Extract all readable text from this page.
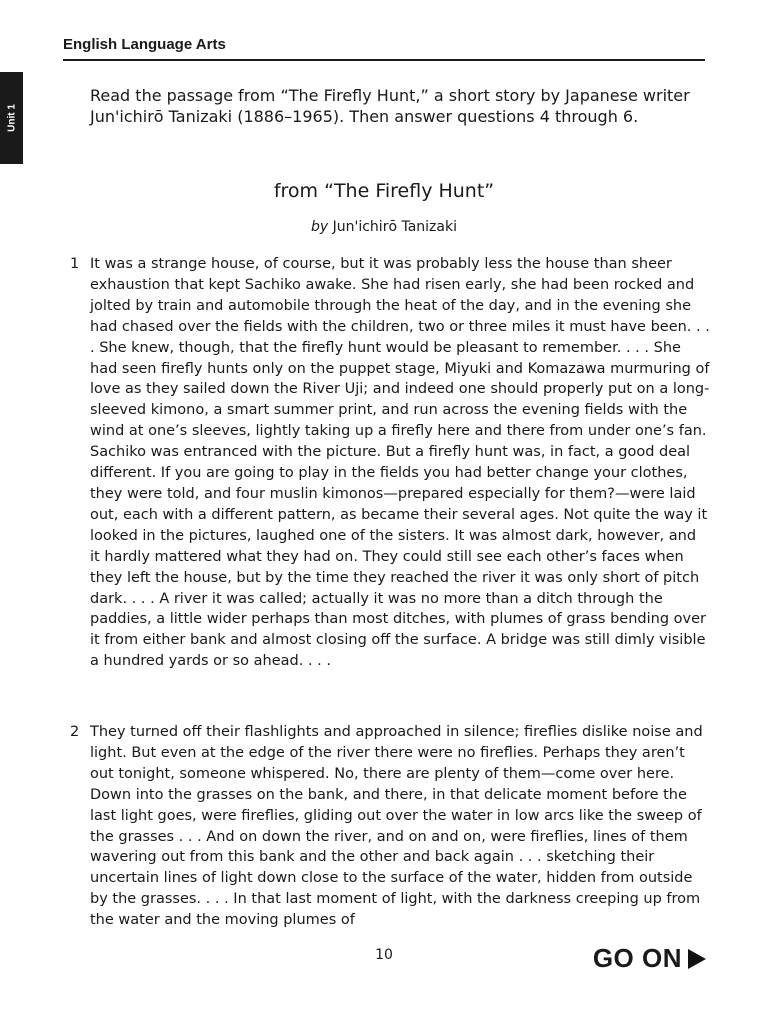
English Language Arts
Unit 1

Read the passage from “The Firefly Hunt,” a short story by Japanese writer Jun'ichirō Tanizaki (1886–1965). Then answer questions 4 through 6.

from “The Firefly Hunt”
by Jun'ichirō Tanizaki
1 It was a strange house, of course, but it was probably less the house than sheer exhaustion that kept Sachiko awake. She had risen early, she had been rocked and jolted by train and automobile through the heat of the day, and in the evening she had chased over the fields with the children, two or three miles it must have been. . . . She knew, though, that the firefly hunt would be pleasant to remember. . . . She had seen firefly hunts only on the puppet stage, Miyuki and Komazawa murmuring of love as they sailed down the River Uji; and indeed one should properly put on a long-sleeved kimono, a smart summer print, and run across the evening fields with the wind at one’s sleeves, lightly taking up a firefly here and there from under one’s fan. Sachiko was entranced with the picture. But a firefly hunt was, in fact, a good deal different. If you are going to play in the fields you had better change your clothes, they were told, and four muslin kimonos—prepared especially for them?—were laid out, each with a different pattern, as became their several ages. Not quite the way it looked in the pictures, laughed one of the sisters. It was almost dark, however, and it hardly mattered what they had on. They could still see each other’s faces when they left the house, but by the time they reached the river it was only short of pitch dark. . . . A river it was called; actually it was no more than a ditch through the paddies, a little wider perhaps than most ditches, with plumes of grass bending over it from either bank and almost closing off the surface. A bridge was still dimly visible a hundred yards or so ahead. . . .
2 They turned off their flashlights and approached in silence; fireflies dislike noise and light. But even at the edge of the river there were no fireflies. Perhaps they aren’t out tonight, someone whispered. No, there are plenty of them—come over here. Down into the grasses on the bank, and there, in that delicate moment before the last light goes, were fireflies, gliding out over the water in low arcs like the sweep of the grasses . . . And on down the river, and on and on, were fireflies, lines of them wavering out from this bank and the other and back again . . . sketching their uncertain lines of light down close to the surface of the water, hidden from outside by the grasses. . . . In that last moment of light, with the darkness creeping up from the water and the moving plumes of
10	GO ON
